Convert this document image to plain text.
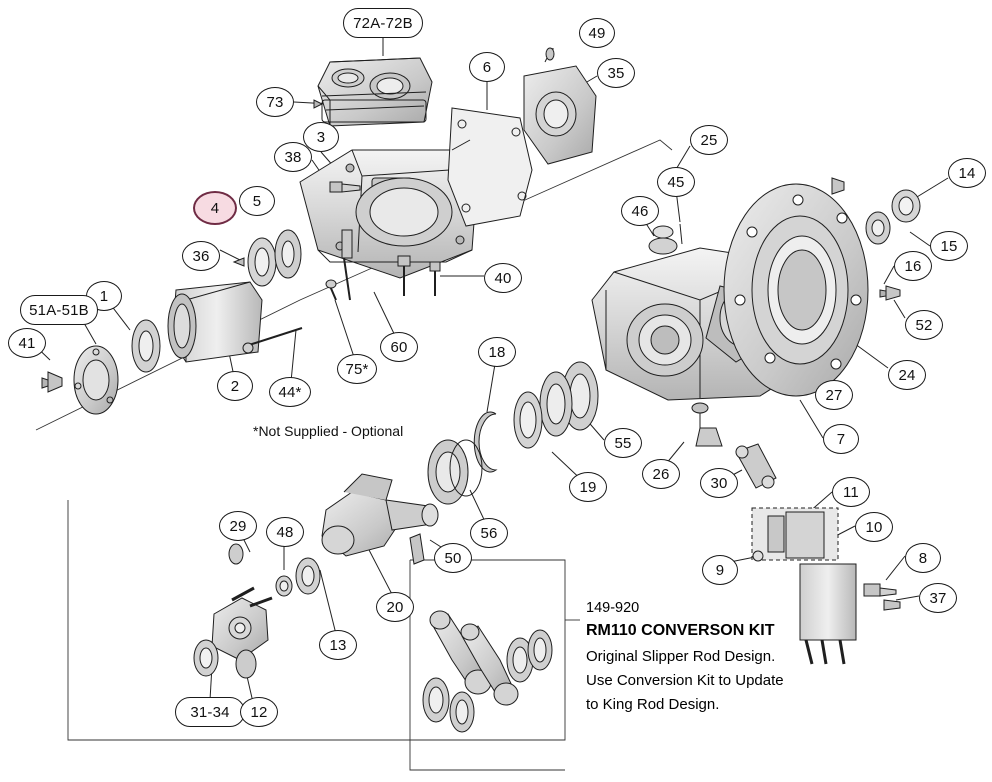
72A-72B
49
6	35
73
3	25
38
14
45
4 5
46
15
16
36
40
52
1
51A-51B
41	60
24
18
2
75*
27
44*
55	7
19
26
30
11
10
56
29 48
50
9
8
20
37
13
31-34 12
*Not Supplied - Optional
149-920
RM110 CONVERSON KIT
Original Slipper Rod Design.
Use Conversion Kit to Update
to King Rod Design.
